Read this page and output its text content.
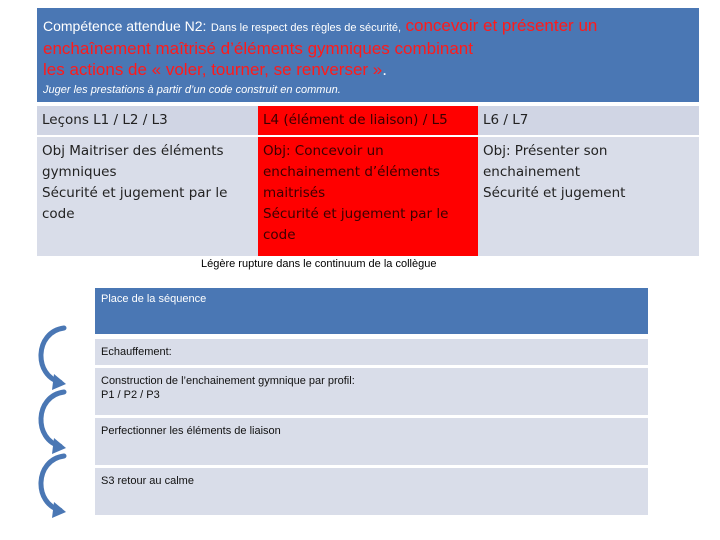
Compétence attendue N2: Dans le respect des règles de sécurité, concevoir et présenter un
enchaînement maîtrisé d’éléments gymniques combinant
les actions de « voler, tourner, se renverser ».
Juger les prestations à partir d’un code construit en commun.
Leçons L1 / L2 / L3	L4 (élément de liaison) / L5	L6 / L7
Obj Maitriser des éléments
gymniques
Sécurité et jugement par le
code
Obj: Concevoir un
enchainement d’éléments
maitrisés
Sécurité et jugement par le
code
Obj: Présenter son
enchainement
Sécurité et jugement
Légère rupture dans le continuum de la collègue
Place de la séquence
Echauffement:
Construction de l’enchainement gymnique par profil:
P1 / P2 / P3
Perfectionner les éléments de liaison
S3 retour au calme
